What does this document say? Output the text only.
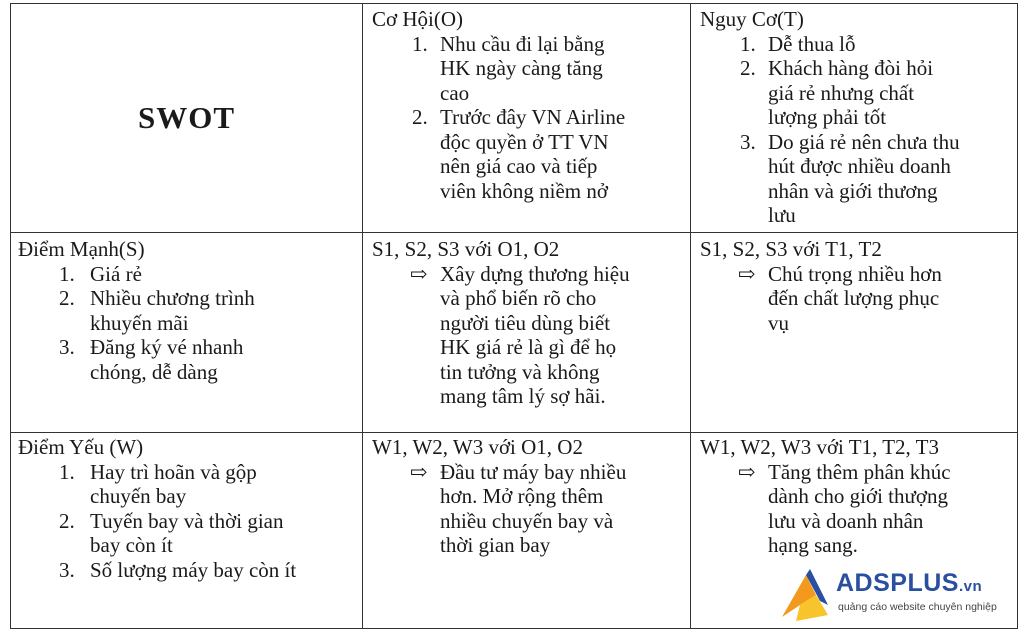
SWOT
Cơ Hội(O)
1. Nhu cầu đi lại bằng
HK ngày càng tăng
cao
2. Trước đây VN Airline
độc quyền ở TT VN
nên giá cao và tiếp
viên không niềm nở
Nguy Cơ(T)
1. Dễ thua lỗ
2. Khách hàng đòi hỏi
giá rẻ nhưng chất
lượng phải tốt
3. Do giá rẻ nên chưa thu
hút được nhiều doanh
nhân và giới thương
lưu
Điểm Mạnh(S)
1. Giá rẻ
2. Nhiều chương trình
khuyến mãi
3. Đăng ký vé nhanh
chóng, dễ dàng
S1, S2, S3 với O1, O2
⇨ Xây dựng thương hiệu
và phổ biến rõ cho
người tiêu dùng biết
HK giá rẻ là gì để họ
tin tưởng và không
mang tâm lý sợ hãi.
S1, S2, S3 với T1, T2
⇨ Chú trọng nhiều hơn
đến chất lượng phục
vụ
Điểm Yếu (W)
1. Hay trì hoãn và gộp
chuyến bay
2. Tuyến bay và thời gian
bay còn ít
3. Số lượng máy bay còn ít
W1, W2, W3 với O1, O2
⇨ Đầu tư máy bay nhiều
hơn. Mở rộng thêm
nhiều chuyến bay và
thời gian bay
W1, W2, W3 với T1, T2, T3
⇨ Tăng thêm phân khúc
dành cho giới thượng
lưu và doanh nhân
hạng sang.
ADSPLUS.vn
quảng cáo website chuyên nghiệp
